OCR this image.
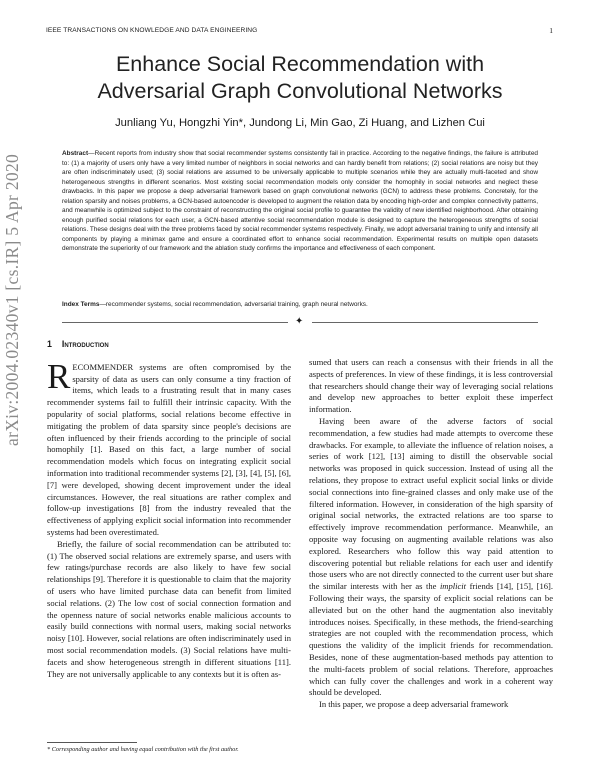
IEEE TRANSACTIONS ON KNOWLEDGE AND DATA ENGINEERING	1
arXiv:2004.02340v1 [cs.IR] 5 Apr 2020
Enhance Social Recommendation with Adversarial Graph Convolutional Networks
Junliang Yu, Hongzhi Yin*, Jundong Li, Min Gao, Zi Huang, and Lizhen Cui
Abstract—Recent reports from industry show that social recommender systems consistently fail in practice. According to the negative findings, the failure is attributed to: (1) a majority of users only have a very limited number of neighbors in social networks and can hardly benefit from relations; (2) social relations are noisy but they are often indiscriminately used; (3) social relations are assumed to be universally applicable to multiple scenarios while they are actually multi-faceted and show heterogeneous strengths in different scenarios. Most existing social recommendation models only consider the homophily in social networks and neglect these drawbacks. In this paper we propose a deep adversarial framework based on graph convolutional networks (GCN) to address these problems. Concretely, for the relation sparsity and noises problems, a GCN-based autoencoder is developed to augment the relation data by encoding high-order and complex connectivity patterns, and meanwhile is optimized subject to the constraint of reconstructing the original social profile to guarantee the validity of new identified neighborhood. After obtaining enough purified social relations for each user, a GCN-based attentive social recommendation module is designed to capture the heterogeneous strengths of social relations. These designs deal with the three problems faced by social recommender systems respectively. Finally, we adopt adversarial training to unify and intensify all components by playing a minimax game and ensure a coordinated effort to enhance social recommendation. Experimental results on multiple open datasets demonstrate the superiority of our framework and the ablation study confirms the importance and effectiveness of each component.
Index Terms—recommender systems, social recommendation, adversarial training, graph neural networks.
✦
1 Introduction

RECOMMENDER systems are often compromised by the sparsity of data as users can only consume a tiny fraction of items, which leads to a frustrating result that in many cases recommender systems fail to fulfill their intrinsic capacity. With the popularity of social platforms, social relations become effective in mitigating the problem of data sparsity since people's decisions are often influenced by their friends according to the principle of social homophily [1]. Based on this fact, a large number of social recommendation models which focus on integrating explicit social information into traditional recommender systems [2], [3], [4], [5], [6], [7] were developed, showing decent improvement under the ideal circumstances. However, the real situations are rather complex and follow-up investigations [8] from the industry revealed that the effectiveness of applying explicit social information into recommender systems had been overestimated.

Briefly, the failure of social recommendation can be attributed to: (1) The observed social relations are extremely sparse, and users with few ratings/purchase records are also likely to have few social relationships [9]. Therefore it is questionable to claim that the majority of users who have limited purchase data can benefit from limited social relations. (2) The low cost of social connection formation and the openness nature of social networks enable malicious accounts to easily build connections with normal users, making social networks noisy [10]. However, social relations are often indiscriminately used in most social recommendation models. (3) Social relations have multi-facets and show heterogeneous strength in different situations [11]. They are not universally applicable to any contexts but it is often as-

sumed that users can reach a consensus with their friends in all the aspects of preferences. In view of these findings, it is less controversial that researchers should change their way of leveraging social relations and develop new approaches to better exploit these imperfect information.

Having been aware of the adverse factors of social recommendation, a few studies had made attempts to overcome these drawbacks. For example, to alleviate the influence of relation noises, a series of work [12], [13] aiming to distill the observable social networks was proposed in quick succession. Instead of using all the relations, they propose to extract useful explicit social links or divide social connections into fine-grained classes and only make use of the filtered information. However, in consideration of the high sparsity of original social networks, the extracted relations are too sparse to effectively improve recommendation performance. Meanwhile, an opposite way focusing on augmenting available relations was also explored. Researchers who follow this way paid attention to discovering potential but reliable relations for each user and identify those users who are not directly connected to the current user but share the similar interests with her as the implicit friends [14], [15], [16]. Following their ways, the sparsity of explicit social relations can be alleviated but on the other hand the augmentation also inevitably introduces noises. Specifically, in these methods, the friend-searching strategies are not coupled with the recommendation process, which questions the validity of the implicit friends for recommendation. Besides, none of these augmentation-based methods pay attention to the multi-facets problem of social relations. Therefore, approaches which can fully cover the challenges and work in a coherent way should be developed.

In this paper, we propose a deep adversarial framework

* Corresponding author and having equal contribution with the first author.
